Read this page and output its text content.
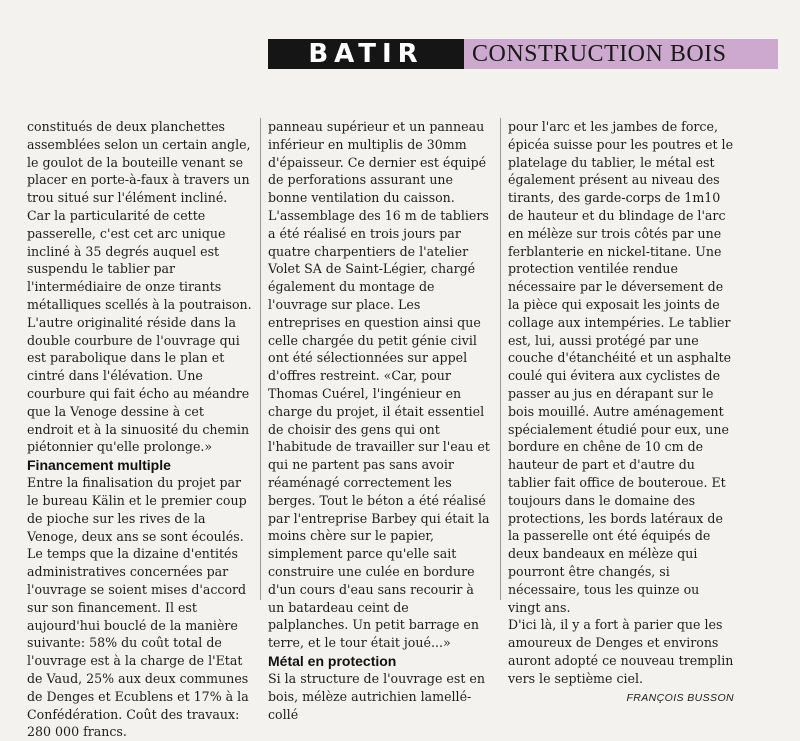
BATIR	CONSTRUCTION BOIS

constitués de deux planchettes assemblées selon un certain angle, le goulot de la bouteille venant se placer en porte-à-faux à travers un trou situé sur l'élément incliné. Car la particularité de cette passerelle, c'est cet arc unique incliné à 35 degrés auquel est suspendu le tablier par l'intermédiaire de onze tirants métalliques scellés à la poutraison. L'autre originalité réside dans la double courbure de l'ouvrage qui est parabolique dans le plan et cintré dans l'élévation. Une courbure qui fait écho au méandre que la Venoge dessine à cet endroit et à la sinuosité du chemin piétonnier qu'elle prolonge.»

Financement multiple

Entre la finalisation du projet par le bureau Kälin et le premier coup de pioche sur les rives de la Venoge, deux ans se sont écoulés. Le temps que la dizaine d'entités administratives concernées par l'ouvrage se soient mises d'accord sur son financement. Il est aujourd'hui bouclé de la manière suivante: 58% du coût total de l'ouvrage est à la charge de l'Etat de Vaud, 25% aux deux communes de Denges et Ecublens et 17% à la Confédération. Coût des travaux: 280 000 francs.

panneau supérieur et un panneau inférieur en multiplis de 30mm d'épaisseur. Ce dernier est équipé de perforations assurant une bonne ventilation du caisson. L'assemblage des 16 m de tabliers a été réalisé en trois jours par quatre charpentiers de l'atelier Volet SA de Saint-Légier, chargé également du montage de l'ouvrage sur place. Les entreprises en question ainsi que celle chargée du petit génie civil ont été sélectionnées sur appel d'offres restreint. «Car, pour Thomas Cuérel, l'ingénieur en charge du projet, il était essentiel de choisir des gens qui ont l'habitude de travailler sur l'eau et qui ne partent pas sans avoir réaménagé correctement les berges. Tout le béton a été réalisé par l'entreprise Barbey qui était la moins chère sur le papier, simplement parce qu'elle sait construire une culée en bordure d'un cours d'eau sans recourir à un batardeau ceint de palplanches. Un petit barrage en terre, et le tour était joué...»

Métal en protection

Si la structure de l'ouvrage est en bois, mélèze autrichien lamellé-collé

pour l'arc et les jambes de force, épicéa suisse pour les poutres et le platelage du tablier, le métal est également présent au niveau des tirants, des garde-corps de 1m10 de hauteur et du blindage de l'arc en mélèze sur trois côtés par une ferblanterie en nickel-titane. Une protection ventilée rendue nécessaire par le déversement de la pièce qui exposait les joints de collage aux intempéries. Le tablier est, lui, aussi protégé par une couche d'étanchéité et un asphalte coulé qui évitera aux cyclistes de passer au jus en dérapant sur le bois mouillé. Autre aménagement spécialement étudié pour eux, une bordure en chêne de 10 cm de hauteur de part et d'autre du tablier fait office de bouteroue. Et toujours dans le domaine des protections, les bords latéraux de la passerelle ont été équipés de deux bandeaux en mélèze qui pourront être changés, si nécessaire, tous les quinze ou vingt ans.

D'ici là, il y a fort à parier que les amoureux de Denges et environs auront adopté ce nouveau tremplin vers le septième ciel.

FRANÇOIS BUSSON
